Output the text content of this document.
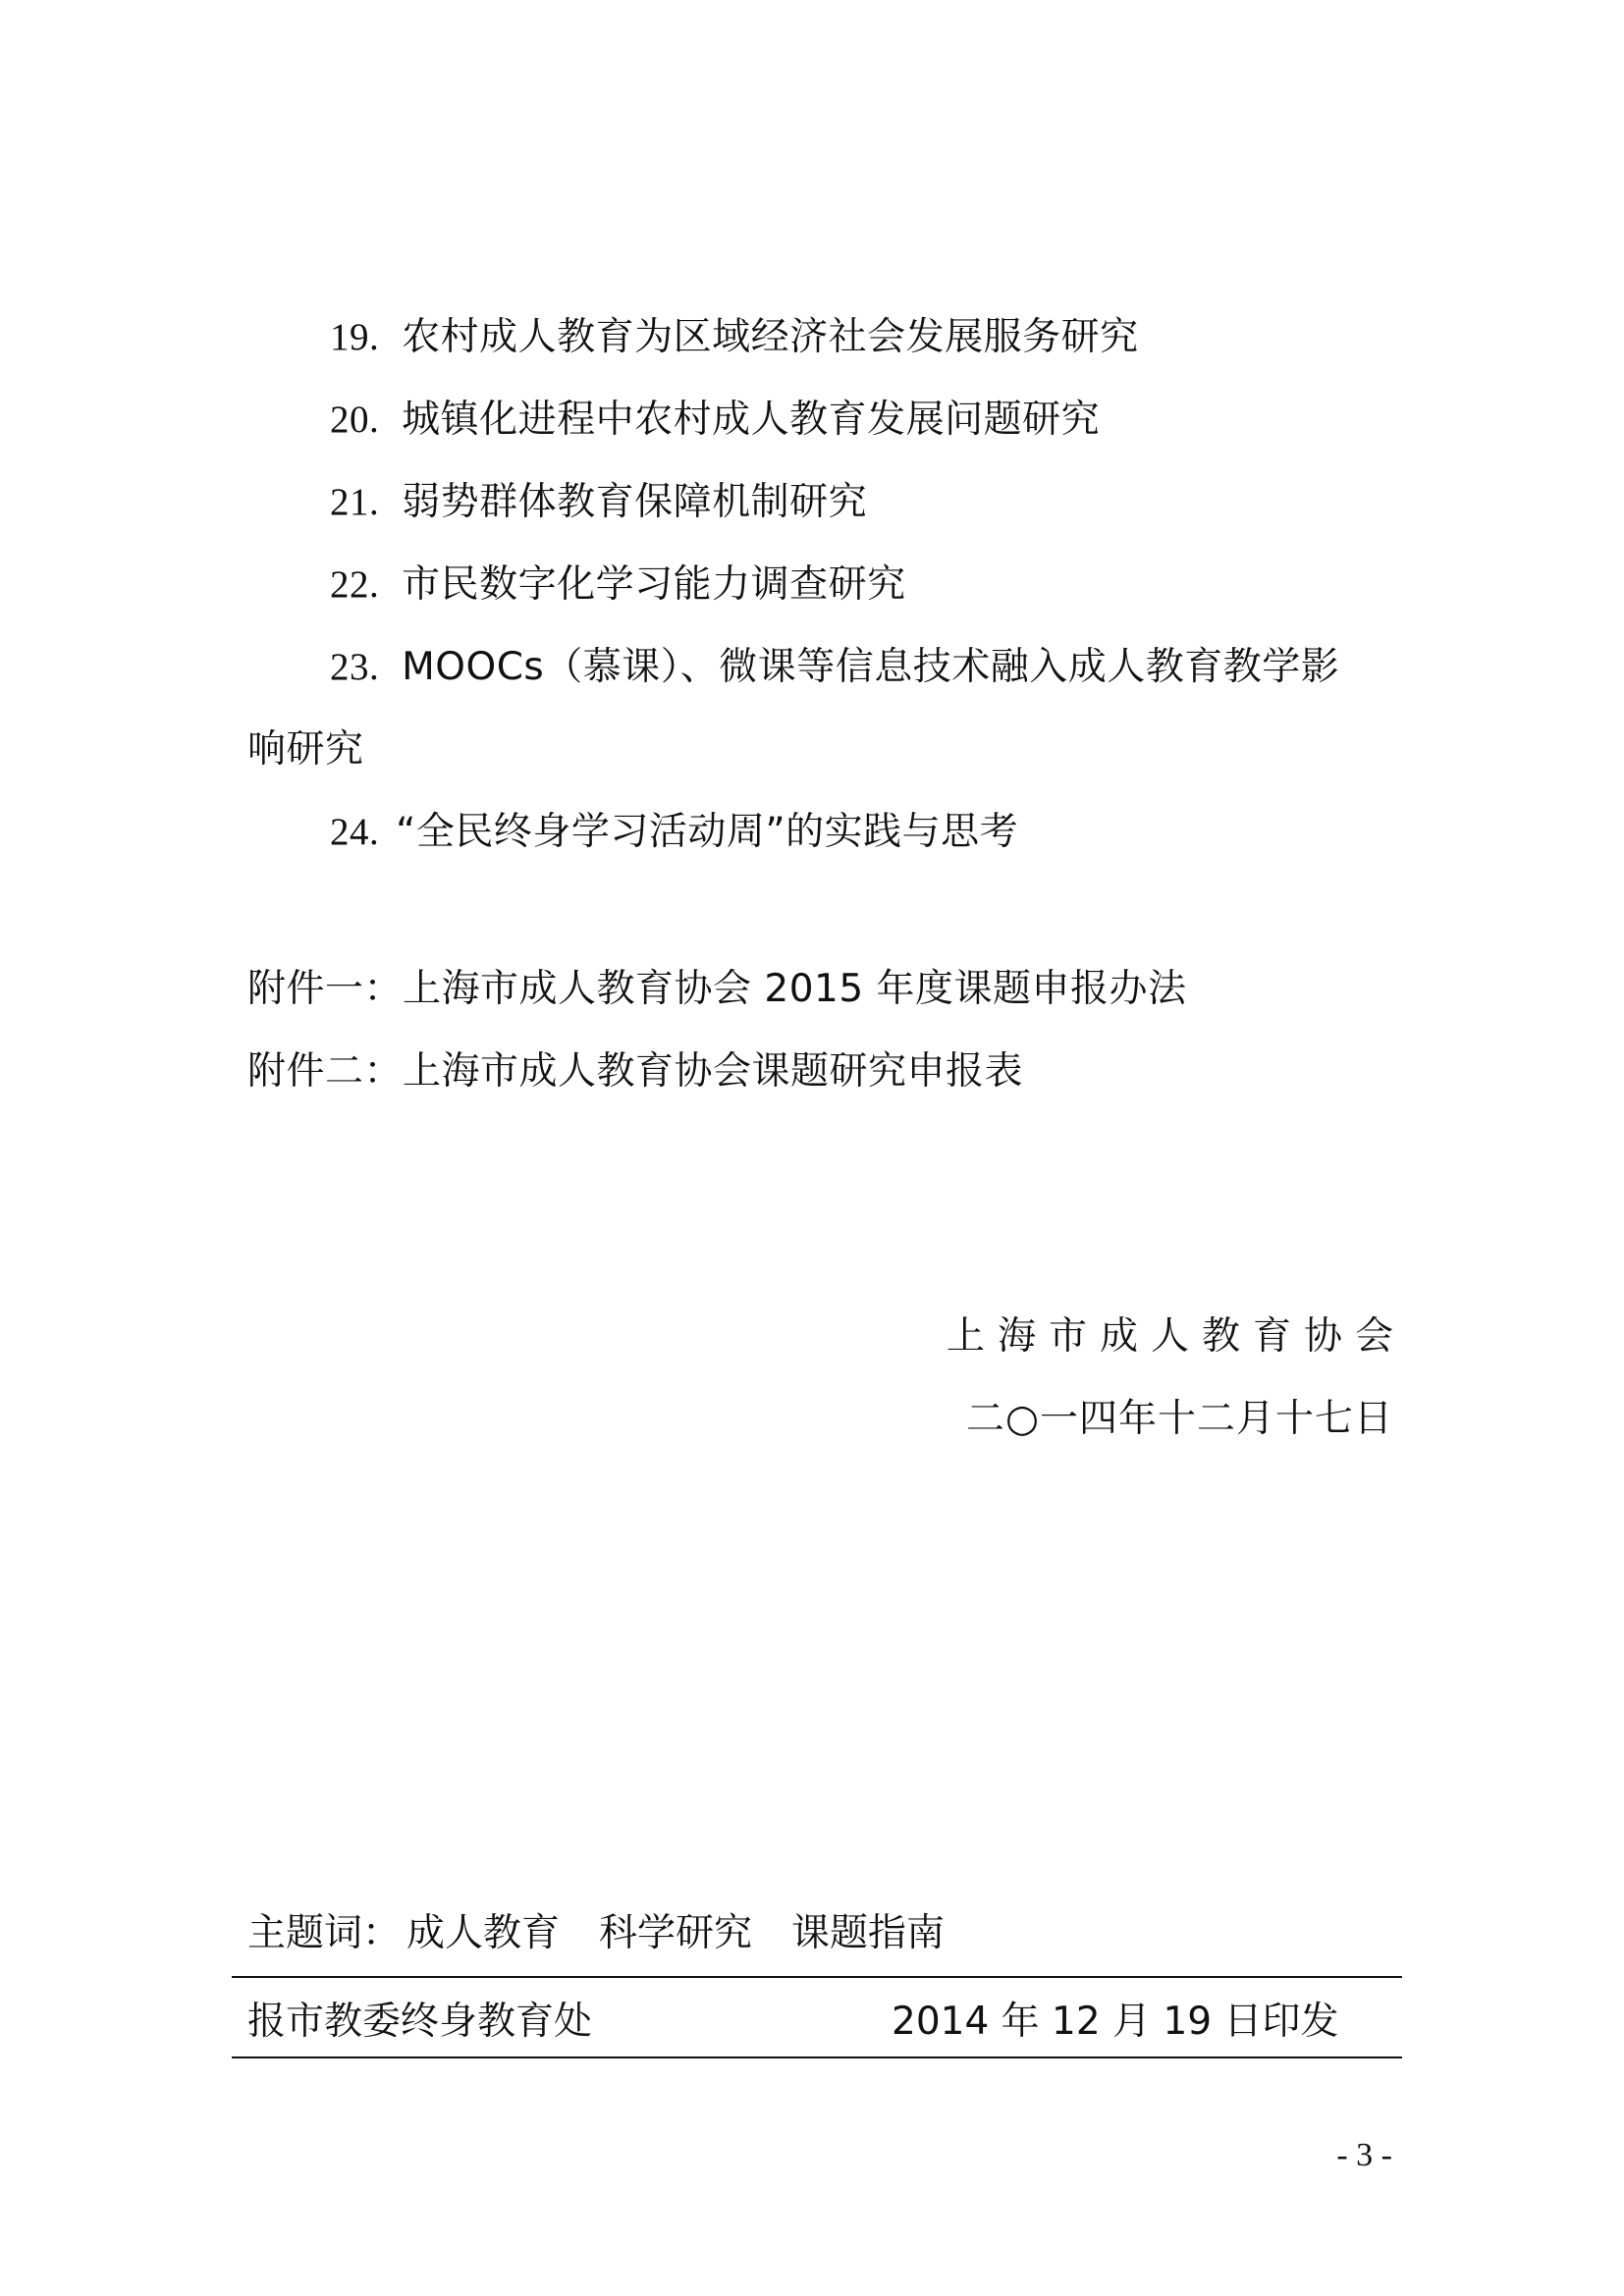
19. 农村成人教育为区域经济社会发展服务研究
20. 城镇化进程中农村成人教育发展问题研究
21. 弱势群体教育保障机制研究
22. 市民数字化学习能力调查研究
23. MOOCs（慕课）、微课等信息技术融入成人教育教学影
响研究
24. “全民终身学习活动周”的实践与思考
附件一：上海市成人教育协会 2015 年度课题申报办法
附件二：上海市成人教育协会课题研究申报表
上海市成人教育协会
二○一四年十二月十七日
主题词： 成人教育 科学研究 课题指南
报市教委终身教育处	2014 年 12 月 19 日印发
- 3 -
